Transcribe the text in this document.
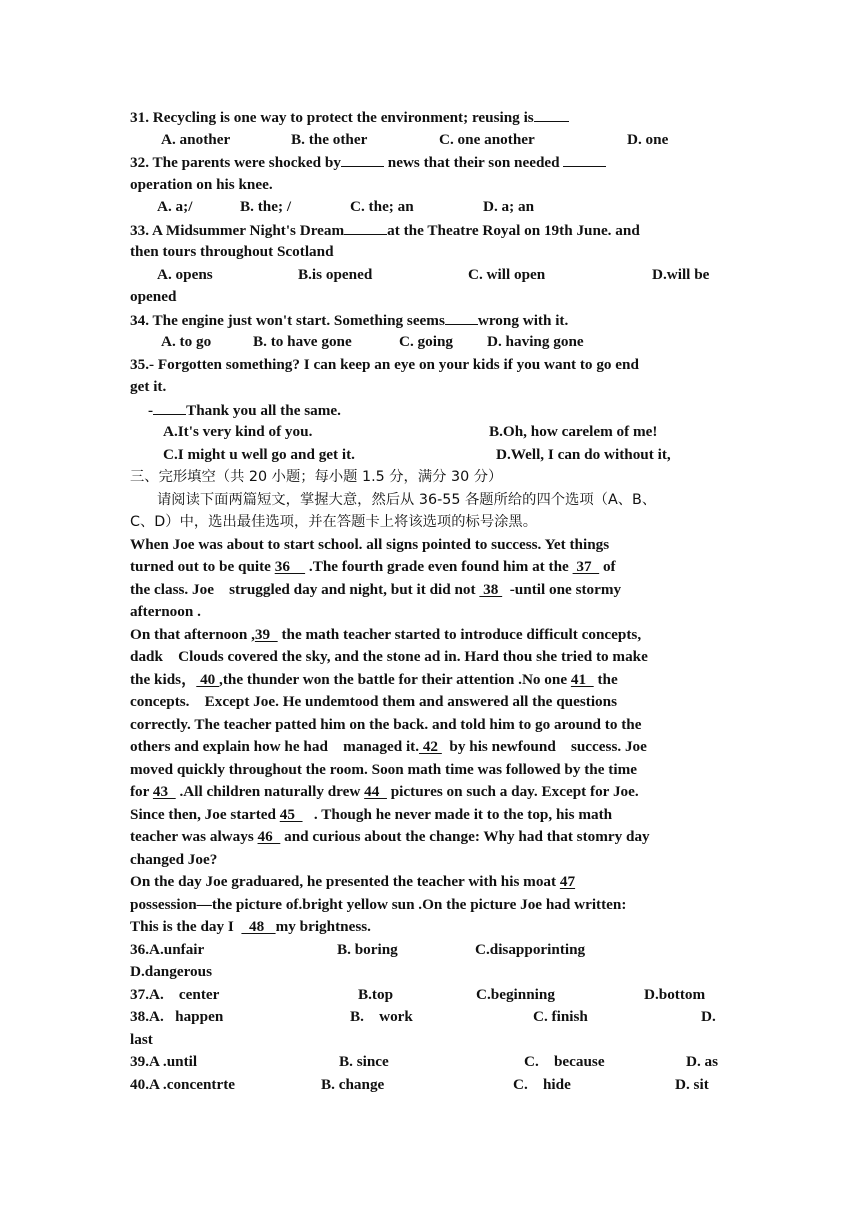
31. Recycling is one way to protect the environment; reusing is
A. another	B. the other	C. one another	D. one
32. The parents were shocked by	news that their son needed
operation on his knee.
A. a;/	B. the; /	C. the; an	D. a; an
33. A Midsummer Night's Dream	at the Theatre Royal on 19th June. and
then tours throughout Scotland
A. opens	B.is opened	C. will open	D.will be
opened
34. The engine just won't start. Something seems wrong with it.
A. to go	B. to have gone	C. going D. having gone
35.- Forgotten something? I can keep an eye on your kids if you want to go end
get it.
- Thank you all the same.
A.It's very kind of you.	B.Oh, how carelem of me!
C.I might u well go and get it.	D.Well, I can do without it,
三、完形填空（共 20 小题；每小题 1.5 分，满分 30 分）
请阅读下面两篇短文，掌握大意，然后从 36-55 各题所给的四个选项（A、B、
C、D）中，选出最佳选项，并在答题卡上将该选项的标号涂黑。
When Joe was about to start school. all signs pointed to success. Yet things
turned out to be quite 36     .The fourth grade even found him at the  37   of
the class. Joe    struggled day and night, but it did not  38   -until one stormy
afternoon .
On that afternoon ,39   the math teacher started to introduce difficult concepts,
dadk    Clouds covered the sky, and the stone ad in. Hard thou she tried to make
the kids， 40 ,the thunder won the battle for their attention .No one 41   the
concepts.    Except Joe. He undemtood them and answered all the questions
correctly. The teacher patted him on the back. and told him to go around to the
others and explain how he had    managed it. 42   by his newfound    success. Joe
moved quickly throughout the room. Soon math time was followed by the time
for 43   .All children naturally drew 44   pictures on such a day. Except for Joe.
Since then, Joe started 45     . Though he never made it to the top, his math
teacher was always 46   and curious about the change: Why had that stomry day
changed Joe?
On the day Joe graduared, he presented the teacher with his moat 47
possession—the picture of.bright yellow sun .On the picture Joe had written:
This is the day I    48   my brightness.
36.A.unfair	B. boring	C.disapporinting
D.dangerous
37.A.    center	B.top	C.beginning	D.bottom
38.A.   happen	B.    work	C. finish	D.
last
39.A .until	B. since	C.    because	D. as
40.A .concentrte	B. change	C.    hide	D. sit
